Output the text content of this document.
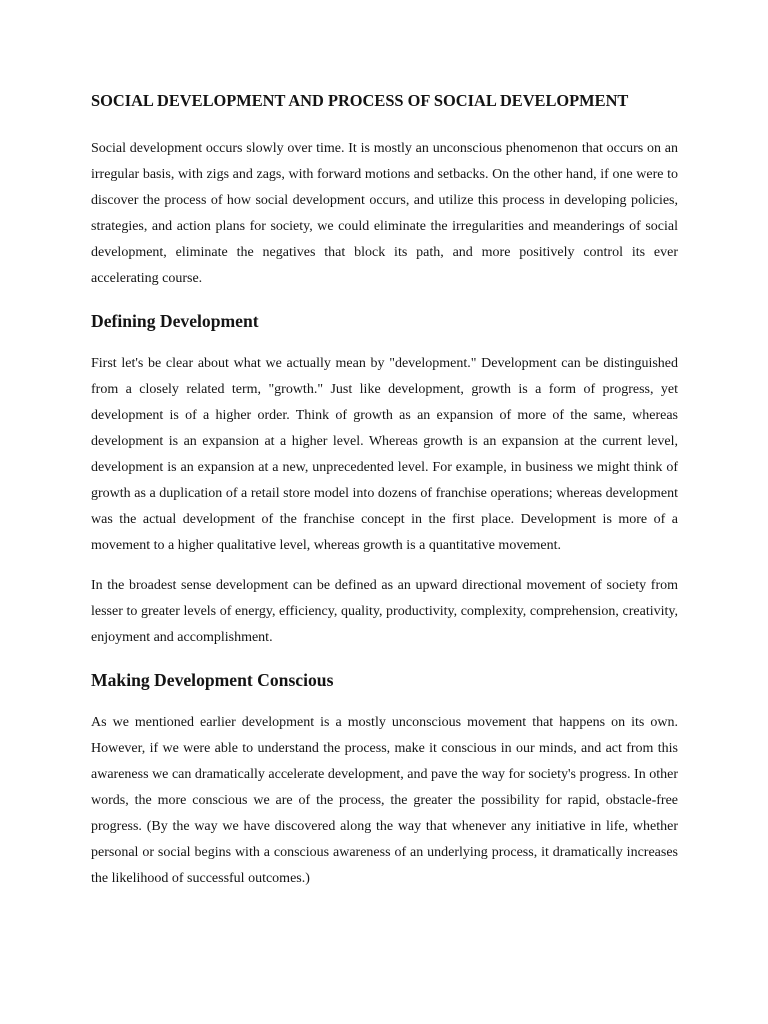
SOCIAL DEVELOPMENT AND PROCESS OF SOCIAL DEVELOPMENT

Social development occurs slowly over time. It is mostly an unconscious phenomenon that occurs on an irregular basis, with zigs and zags, with forward motions and setbacks. On the other hand, if one were to discover the process of how social development occurs, and utilize this process in developing policies, strategies, and action plans for society, we could eliminate the irregularities and meanderings of social development, eliminate the negatives that block its path, and more positively control its ever accelerating course.

Defining Development

First let's be clear about what we actually mean by "development." Development can be distinguished from a closely related term, "growth." Just like development, growth is a form of progress, yet development is of a higher order. Think of growth as an expansion of more of the same, whereas development is an expansion at a higher level. Whereas growth is an expansion at the current level, development is an expansion at a new, unprecedented level. For example, in business we might think of growth as a duplication of a retail store model into dozens of franchise operations; whereas development was the actual development of the franchise concept in the first place. Development is more of a movement to a higher qualitative level, whereas growth is a quantitative movement.

In the broadest sense development can be defined as an upward directional movement of society from lesser to greater levels of energy, efficiency, quality, productivity, complexity, comprehension, creativity, enjoyment and accomplishment.

Making Development Conscious

As we mentioned earlier development is a mostly unconscious movement that happens on its own. However, if we were able to understand the process, make it conscious in our minds, and act from this awareness we can dramatically accelerate development, and pave the way for society's progress. In other words, the more conscious we are of the process, the greater the possibility for rapid, obstacle-free progress. (By the way we have discovered along the way that whenever any initiative in life, whether personal or social begins with a conscious awareness of an underlying process, it dramatically increases the likelihood of successful outcomes.)
